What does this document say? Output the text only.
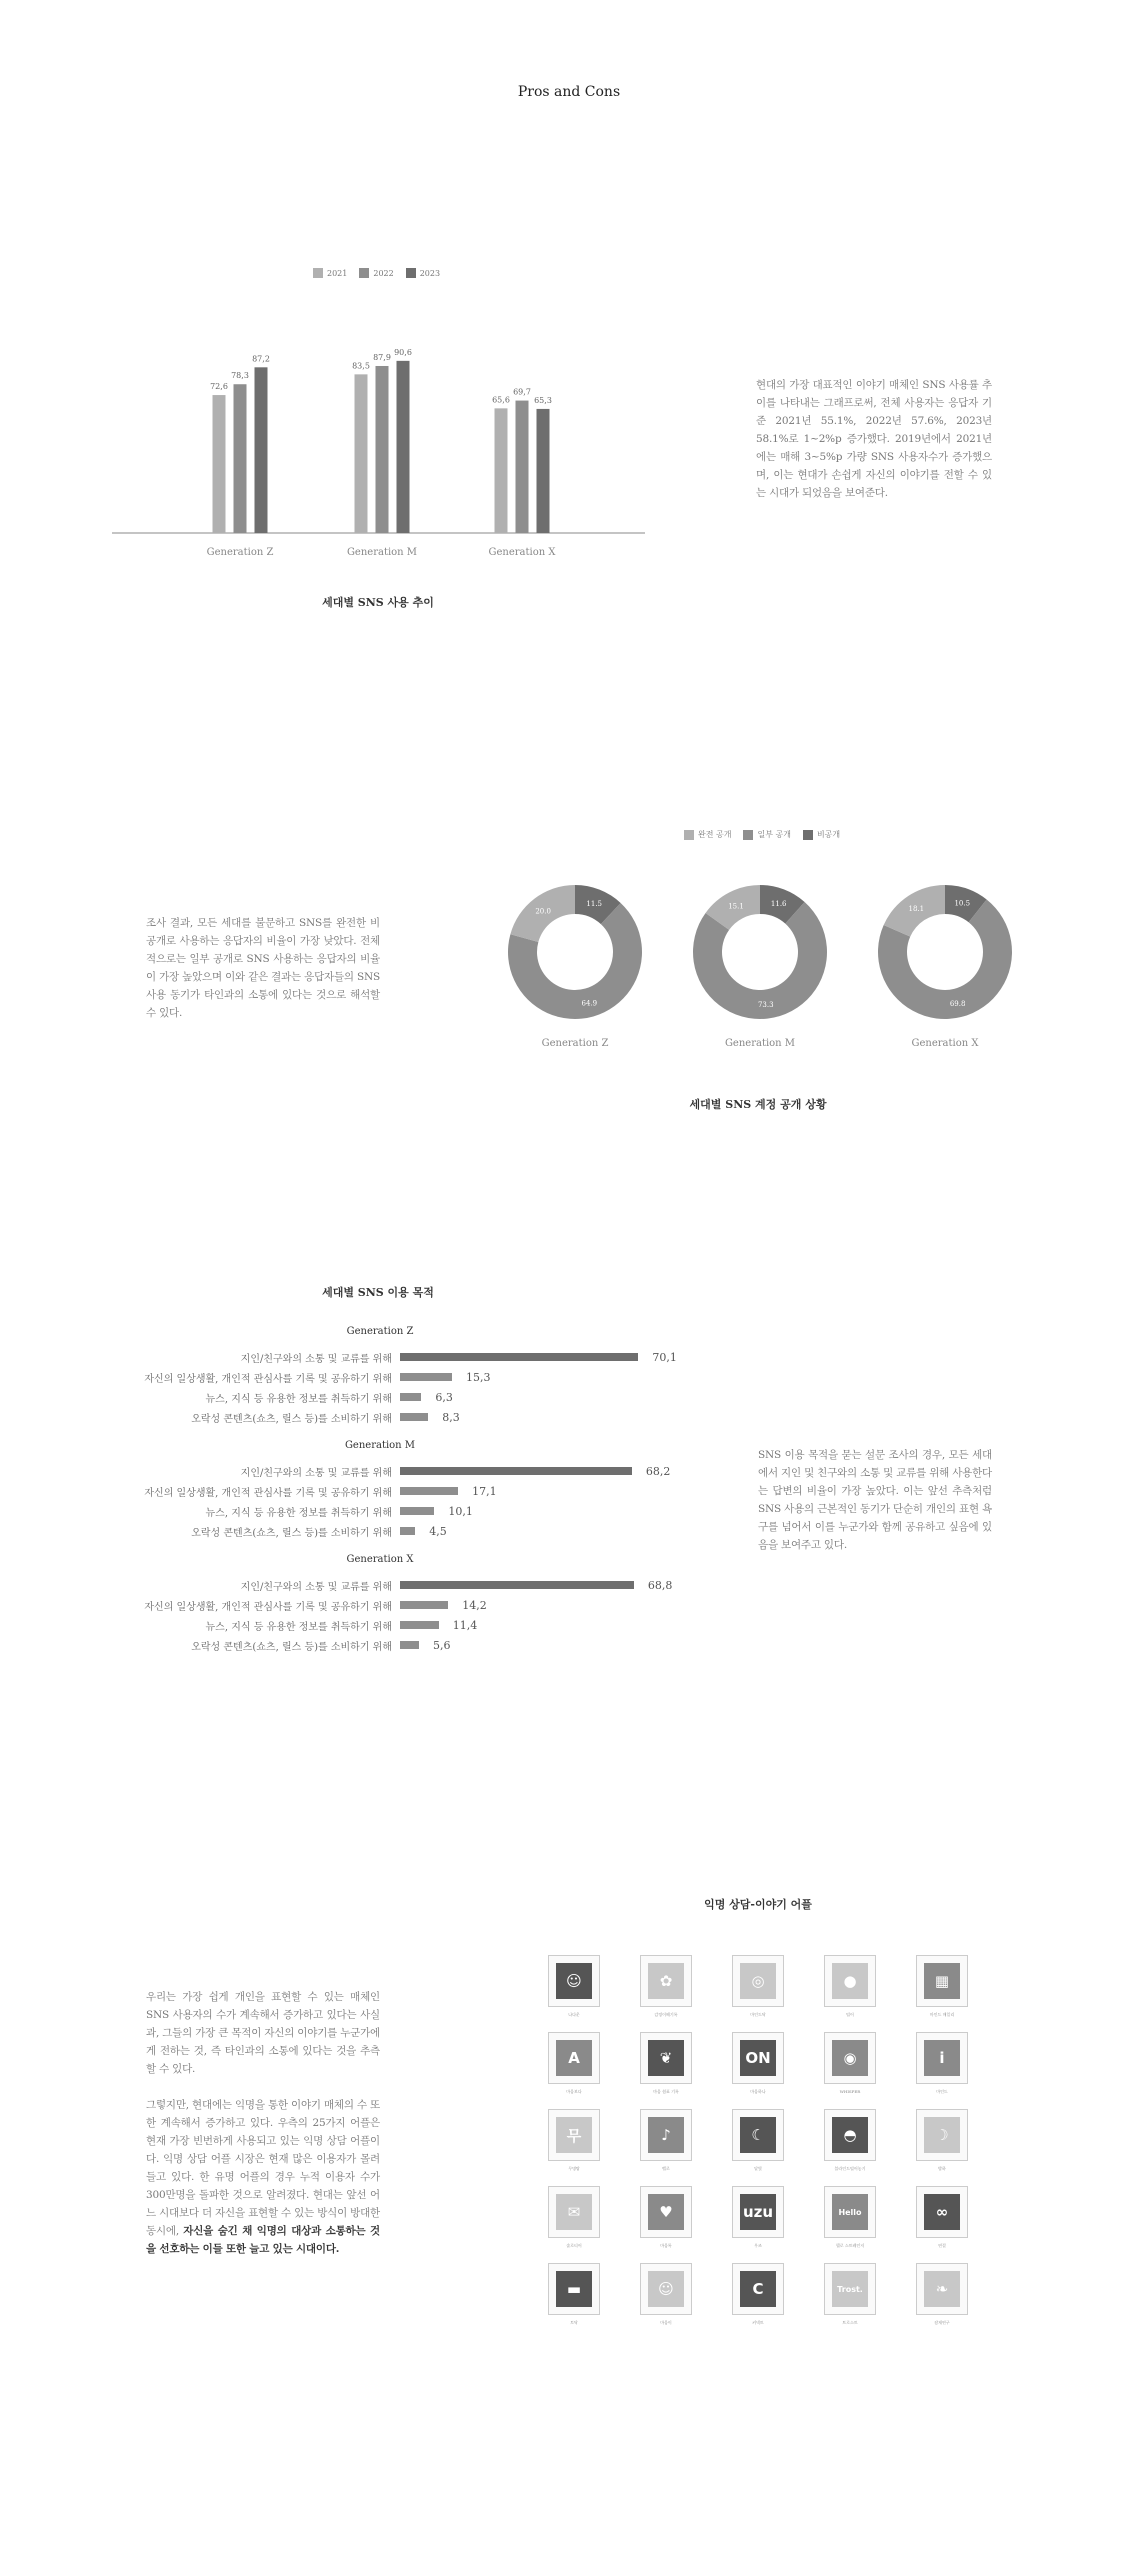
Pros and Cons
2021	2022	2023
72,6
78,3
87,2
Generation Z
83,5
87,9
90,6
Generation M
65,6
69,7
65,3
Generation X
세대별 SNS 사용 추이
현대의 가장 대표적인 이야기 매체인 SNS 사용률 추이를 나타내는 그래프로써, 전체 사용자는 응답자 기준 2021년 55.1%, 2022년 57.6%, 2023년 58.1%로 1~2%p 증가했다. 2019년에서 2021년에는 매해 3~5%p 가량 SNS 사용자수가 증가했으며, 이는 현대가 손쉽게 자신의 이야기를 전할 수 있는 시대가 되었음을 보여준다.
완전 공개	일부 공개	비공개
11.5
64.9
20.0
Generation Z
11.6
73.3
15.1
Generation M
10.5
69.8
18.1
Generation X
세대별 SNS 계정 공개 상황
조사 결과, 모든 세대를 불문하고 SNS를 완전한 비공개로 사용하는 응답자의 비율이 가장 낮았다. 전체적으로는 일부 공개로 SNS 사용하는 응답자의 비율이 가장 높았으며 이와 같은 결과는 응답자들의 SNS 사용 동기가 타인과의 소통에 있다는 것으로 해석할 수 있다.
세대별 SNS 이용 목적
Generation Z
지인/친구와의 소통 및 교류를 위해	70,1
자신의 일상생활, 개인적 관심사를 기록 및 공유하기 위해	15,3
뉴스, 지식 등 유용한 정보를 취득하기 위해	6,3
오락성 콘텐츠(쇼츠, 릴스 등)를 소비하기 위해	8,3
Generation M
지인/친구와의 소통 및 교류를 위해	68,2
자신의 일상생활, 개인적 관심사를 기록 및 공유하기 위해	17,1
뉴스, 지식 등 유용한 정보를 취득하기 위해	10,1
오락성 콘텐츠(쇼츠, 릴스 등)를 소비하기 위해	4,5
Generation X
지인/친구와의 소통 및 교류를 위해	68,8
자신의 일상생활, 개인적 관심사를 기록 및 공유하기 위해	14,2
뉴스, 지식 등 유용한 정보를 취득하기 위해	11,4
오락성 콘텐츠(쇼츠, 릴스 등)를 소비하기 위해	5,6
SNS 이용 목적을 묻는 설문 조사의 경우, 모든 세대에서 지인 및 친구와의 소통 및 교류를 위해 사용한다는 답변의 비율이 가장 높았다. 이는 앞선 추측처럼 SNS 사용의 근본적인 동기가 단순히 개인의 표현 욕구를 넘어서 이를 누군가와 함께 공유하고 싶음에 있음을 보여주고 있다.
익명 상담-이야기 어플
우리는 가장 쉽게 개인을 표현할 수 있는 매체인 SNS 사용자의 수가 계속해서 증가하고 있다는 사실과, 그들의 가장 큰 목적이 자신의 이야기를 누군가에게 전하는 것, 즉 타인과의 소통에 있다는 것을 추측할 수 있다.
그렇지만, 현대에는 익명을 통한 이야기 매체의 수 또한 계속해서 증가하고 있다. 우측의 25가지 어플은 현재 가장 빈번하게 사용되고 있는 익명 상담 어플이다. 익명 상담 어플 시장은 현재 많은 이용자가 몰려들고 있다. 한 유명 어플의 경우 누적 이용자 수가 300만명을 돌파한 것으로 알려졌다. 현대는 앞선 어느 시대보다 더 자신을 표현할 수 있는 방식이 방대한 동시에, 자신을 숨긴 채 익명의 대상과 소통하는 것을 선호하는 이들 또한 늘고 있는 시대이다.
☺
나다운
✿
감정이해기록
◎
마인드닥
●
털어
▦
마인드 매일리
A
마음보다
❦
마음 쉼표 기록
ON
마음하나
◉
WHISPER
i
마인드
무
무명탑
♪
벨로
☾
달빛
◓
블라인드털어놓기
☽
밤하
✉
솔로티어
♥
마음톡
uzu
우즈
Hello
헬로 스트레인저
∞
연결
▬
토닥
☺
마음이
C
커넥트
Trost.
트로스트
❧
잠재연구
